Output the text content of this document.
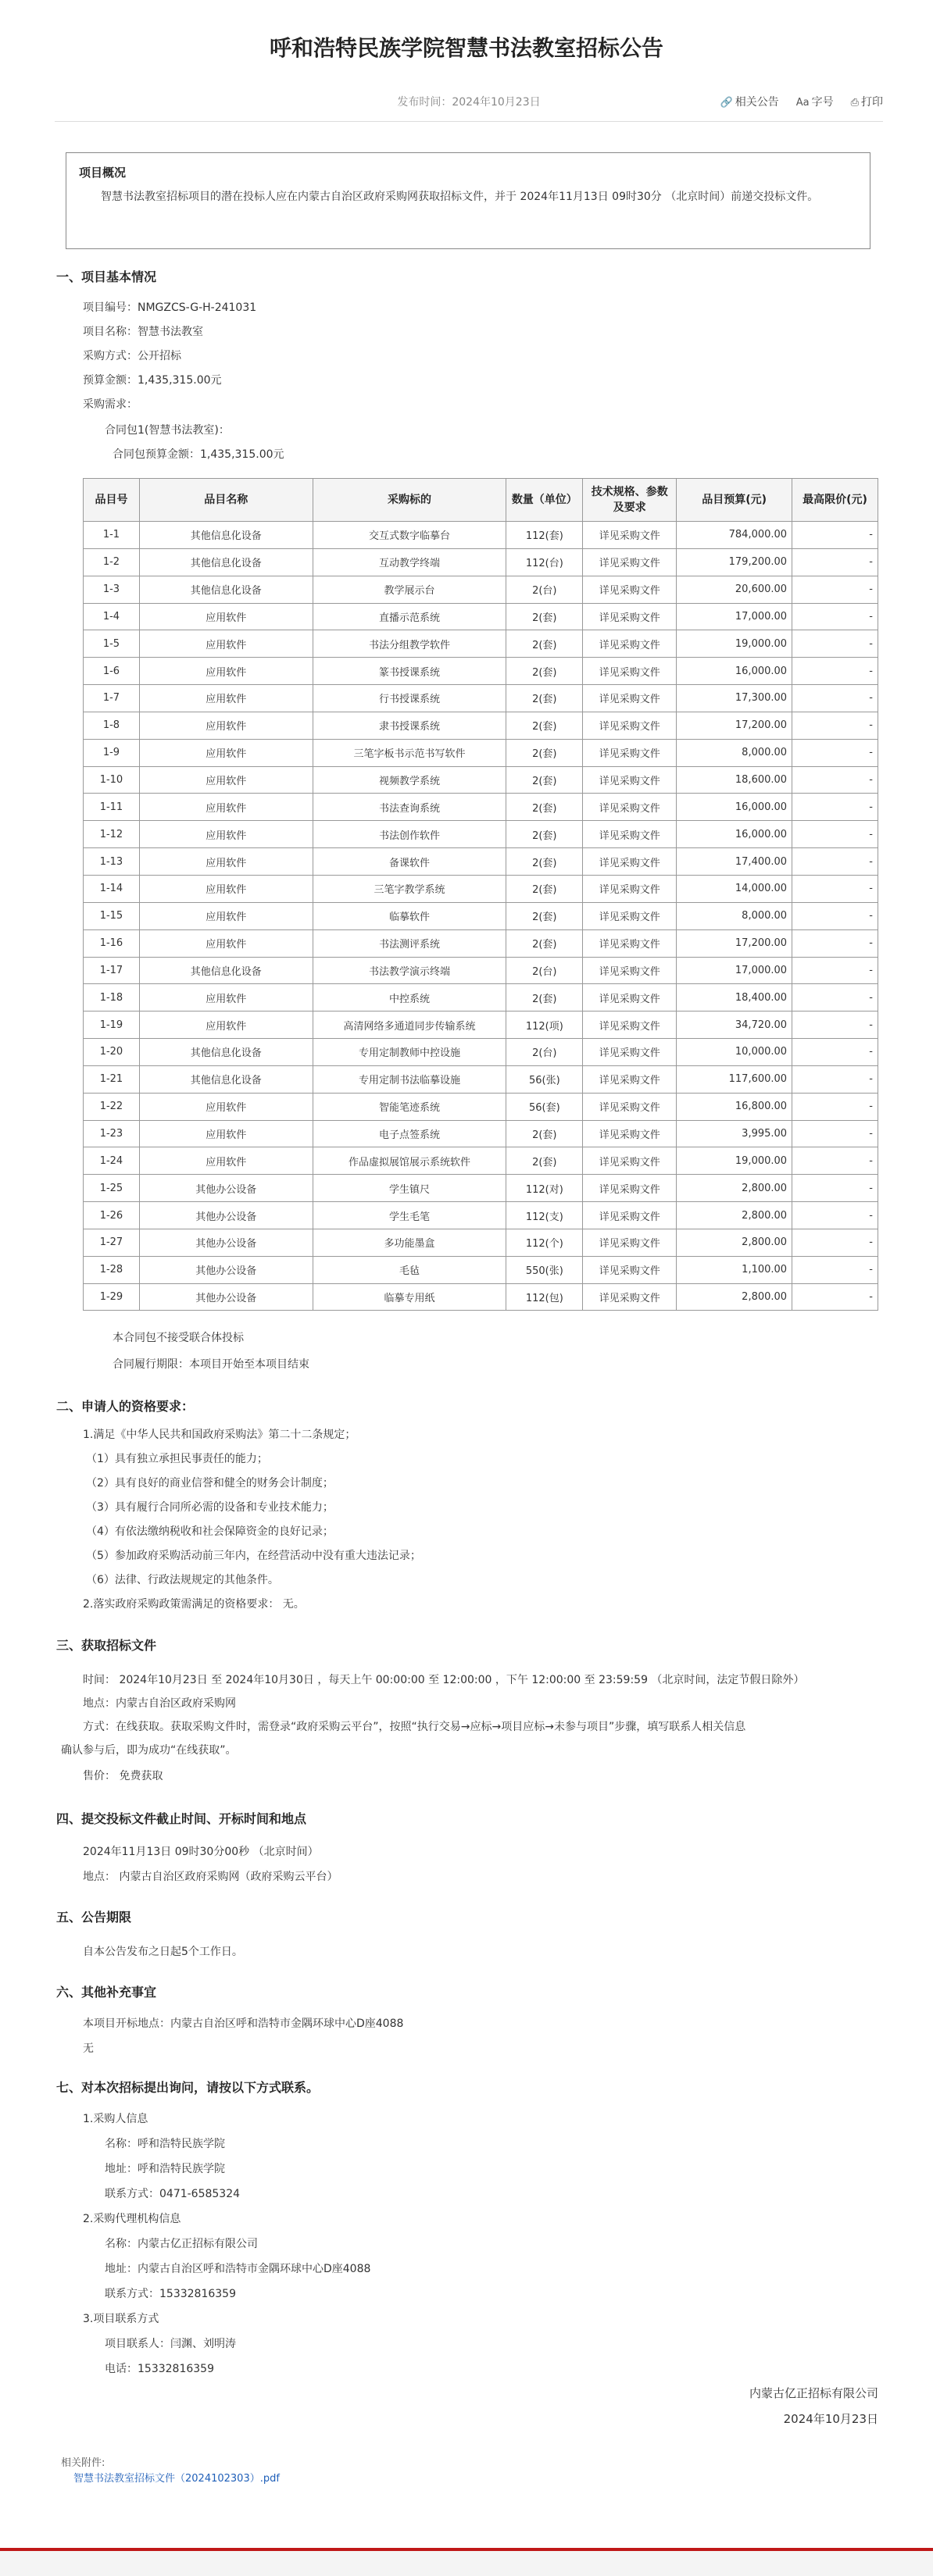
呼和浩特民族学院智慧书法教室招标公告
发布时间：2024年10月23日	🔗 相关公告 Aa 字号 ⎙ 打印
项目概况

智慧书法教室招标项目的潜在投标人应在内蒙古自治区政府采购网获取招标文件，并于 2024年11月13日 09时30分 （北京时间）前递交投标文件。

一、项目基本情况
项目编号：NMGZCS-G-H-241031
项目名称：智慧书法教室
采购方式：公开招标
预算金额：1,435,315.00元
采购需求：
合同包1(智慧书法教室)：
合同包预算金额：1,435,315.00元
品目号	品目名称	采购标的	数量（单位）	技术规格、参数及要求	品目预算(元)	最高限价(元)
1-1	其他信息化设备	交互式数字临摹台	112(套)	详见采购文件	784,000.00	-
1-2	其他信息化设备	互动教学终端	112(台)	详见采购文件	179,200.00	-
1-3	其他信息化设备	教学展示台	2(台)	详见采购文件	20,600.00	-
1-4	应用软件	直播示范系统	2(套)	详见采购文件	17,000.00	-
1-5	应用软件	书法分组教学软件	2(套)	详见采购文件	19,000.00	-
1-6	应用软件	篆书授课系统	2(套)	详见采购文件	16,000.00	-
1-7	应用软件	行书授课系统	2(套)	详见采购文件	17,300.00	-
1-8	应用软件	隶书授课系统	2(套)	详见采购文件	17,200.00	-
1-9	应用软件	三笔字板书示范书写软件	2(套)	详见采购文件	8,000.00	-
1-10	应用软件	视频教学系统	2(套)	详见采购文件	18,600.00	-
1-11	应用软件	书法查询系统	2(套)	详见采购文件	16,000.00	-
1-12	应用软件	书法创作软件	2(套)	详见采购文件	16,000.00	-
1-13	应用软件	备课软件	2(套)	详见采购文件	17,400.00	-
1-14	应用软件	三笔字教学系统	2(套)	详见采购文件	14,000.00	-
1-15	应用软件	临摹软件	2(套)	详见采购文件	8,000.00	-
1-16	应用软件	书法测评系统	2(套)	详见采购文件	17,200.00	-
1-17	其他信息化设备	书法教学演示终端	2(台)	详见采购文件	17,000.00	-
1-18	应用软件	中控系统	2(套)	详见采购文件	18,400.00	-
1-19	应用软件	高清网络多通道同步传输系统	112(项)	详见采购文件	34,720.00	-
1-20	其他信息化设备	专用定制教师中控设施	2(台)	详见采购文件	10,000.00	-
1-21	其他信息化设备	专用定制书法临摹设施	56(张)	详见采购文件	117,600.00	-
1-22	应用软件	智能笔迹系统	56(套)	详见采购文件	16,800.00	-
1-23	应用软件	电子点签系统	2(套)	详见采购文件	3,995.00	-
1-24	应用软件	作品虚拟展馆展示系统软件	2(套)	详见采购文件	19,000.00	-
1-25	其他办公设备	学生镇尺	112(对)	详见采购文件	2,800.00	-
1-26	其他办公设备	学生毛笔	112(支)	详见采购文件	2,800.00	-
1-27	其他办公设备	多功能墨盒	112(个)	详见采购文件	2,800.00	-
1-28	其他办公设备	毛毡	550(张)	详见采购文件	1,100.00	-
1-29	其他办公设备	临摹专用纸	112(包)	详见采购文件	2,800.00	-
本合同包不接受联合体投标
合同履行期限：本项目开始至本项目结束
二、申请人的资格要求：
1.满足《中华人民共和国政府采购法》第二十二条规定；
（1）具有独立承担民事责任的能力；
（2）具有良好的商业信誉和健全的财务会计制度；
（3）具有履行合同所必需的设备和专业技术能力；
（4）有依法缴纳税收和社会保障资金的良好记录；
（5）参加政府采购活动前三年内，在经营活动中没有重大违法记录；
（6）法律、行政法规规定的其他条件。
2.落实政府采购政策需满足的资格要求： 无。
三、获取招标文件
时间： 2024年10月23日 至 2024年10月30日 ，每天上午 00:00:00 至 12:00:00 ，下午 12:00:00 至 23:59:59 （北京时间，法定节假日除外）
地点：内蒙古自治区政府采购网
方式：在线获取。获取采购文件时，需登录“政府采购云平台”，按照“执行交易→应标→项目应标→未参与项目”步骤，填写联系人相关信息
确认参与后，即为成功“在线获取”。
售价： 免费获取
四、提交投标文件截止时间、开标时间和地点
2024年11月13日 09时30分00秒 （北京时间）
地点： 内蒙古自治区政府采购网（政府采购云平台）
五、公告期限
自本公告发布之日起5个工作日。
六、其他补充事宜
本项目开标地点：内蒙古自治区呼和浩特市金隅环球中心D座4088
无
七、对本次招标提出询问，请按以下方式联系。
1.采购人信息
名称：呼和浩特民族学院
地址：呼和浩特民族学院
联系方式：0471-6585324
2.采购代理机构信息
名称：内蒙古亿正招标有限公司
地址：内蒙古自治区呼和浩特市金隅环球中心D座4088
联系方式：15332816359
3.项目联系方式
项目联系人：闫渊、刘明涛
电话：15332816359
内蒙古亿正招标有限公司
2024年10月23日
相关附件:
智慧书法教室招标文件（20241023​03）.pdf
